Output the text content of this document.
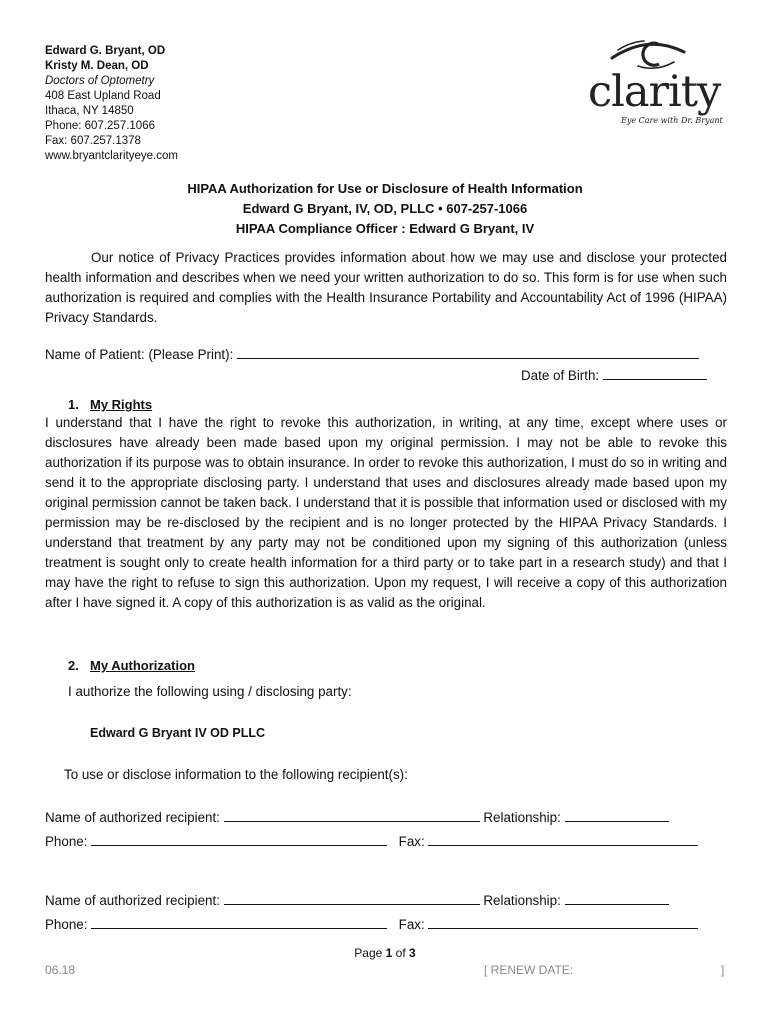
Edward G. Bryant, OD
Kristy M. Dean, OD
Doctors of Optometry
408 East Upland Road
Ithaca, NY 14850
Phone: 607.257.1066
Fax: 607.257.1378
www.bryantclarityeye.com
clarity
Eye Care with Dr. Bryant
HIPAA Authorization for Use or Disclosure of Health Information
Edward G Bryant, IV, OD, PLLC • 607-257-1066
HIPAA Compliance Officer : Edward G Bryant, IV
Our notice of Privacy Practices provides information about how we may use and disclose your protected health information and describes when we need your written authorization to do so. This form is for use when such authorization is required and complies with the Health Insurance Portability and Accountability Act of 1996 (HIPAA) Privacy Standards.
Name of Patient: (Please Print):
Date of Birth:
1. My Rights
I understand that I have the right to revoke this authorization, in writing, at any time, except where uses or disclosures have already been made based upon my original permission. I may not be able to revoke this authorization if its purpose was to obtain insurance. In order to revoke this authorization, I must do so in writing and send it to the appropriate disclosing party. I understand that uses and disclosures already made based upon my original permission cannot be taken back. I understand that it is possible that information used or disclosed with my permission may be re-disclosed by the recipient and is no longer protected by the HIPAA Privacy Standards. I understand that treatment by any party may not be conditioned upon my signing of this authorization (unless treatment is sought only to create health information for a third party or to take part in a research study) and that I may have the right to refuse to sign this authorization. Upon my request, I will receive a copy of this authorization after I have signed it. A copy of this authorization is as valid as the original.
2. My Authorization
I authorize the following using / disclosing party:
Edward G Bryant IV OD PLLC
To use or disclose information to the following recipient(s):
Name of authorized recipient:	Relationship:
Phone:	Fax:
Name of authorized recipient:	Relationship:
Phone:	Fax:
Page 1 of 3
06.18	[ RENEW DATE:	]
